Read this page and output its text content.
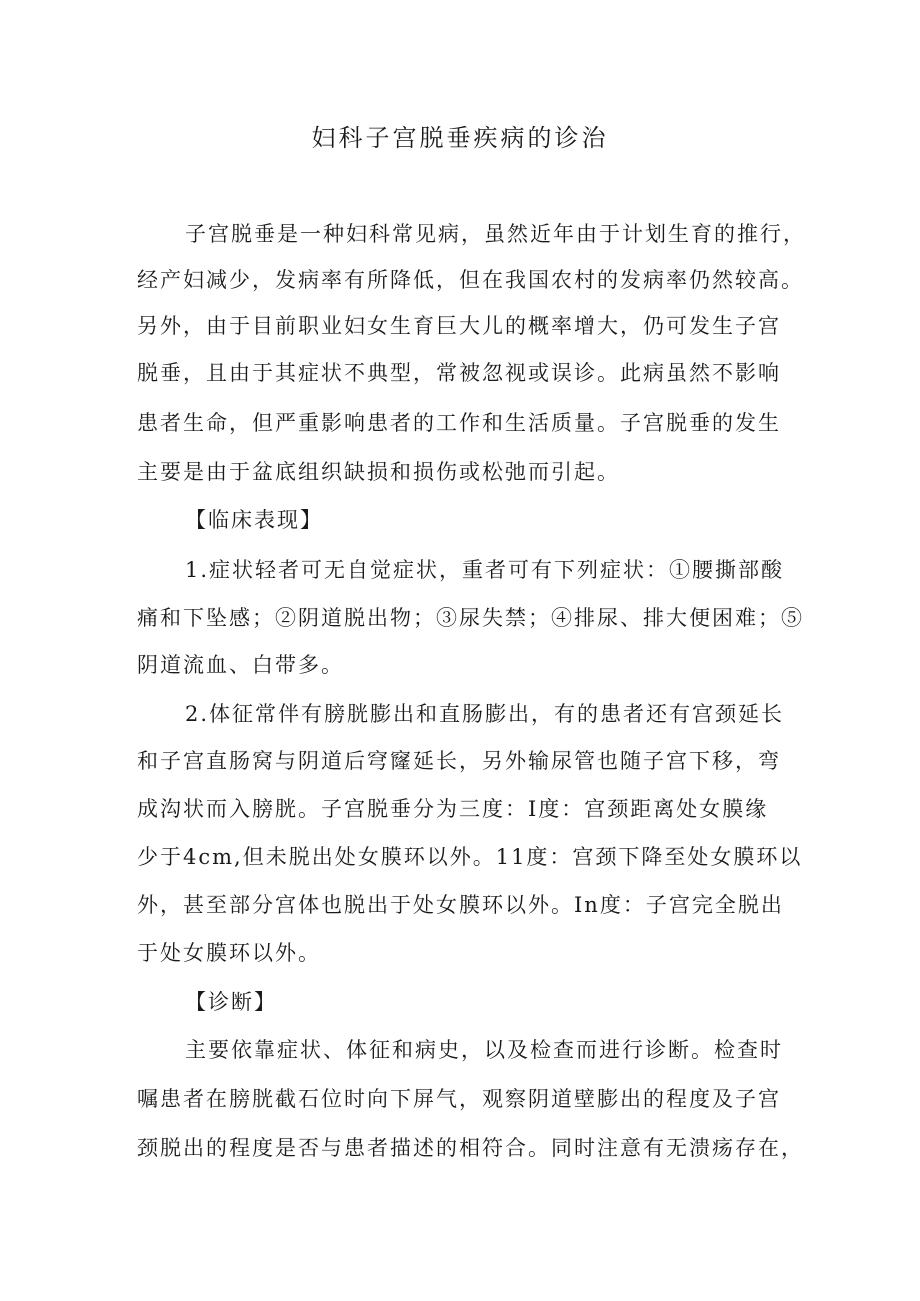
妇科子宫脱垂疾病的诊治
子宫脱垂是一种妇科常见病，虽然近年由于计划生育的推行，
经产妇减少，发病率有所降低，但在我国农村的发病率仍然较高。
另外，由于目前职业妇女生育巨大儿的概率增大，仍可发生子宫
脱垂，且由于其症状不典型，常被忽视或误诊。此病虽然不影响
患者生命，但严重影响患者的工作和生活质量。子宫脱垂的发生
主要是由于盆底组织缺损和损伤或松弛而引起。
【临床表现】
1.症状轻者可无自觉症状，重者可有下列症状：①腰撕部酸
痛和下坠感；②阴道脱出物；③尿失禁；④排尿、排大便困难；⑤
阴道流血、白带多。
2.体征常伴有膀胱膨出和直肠膨出，有的患者还有宫颈延长
和子宫直肠窝与阴道后穹窿延长，另外输尿管也随子宫下移，弯
成沟状而入膀胱。子宫脱垂分为三度：Ⅰ度：宫颈距离处女膜缘
少于4cm,但未脱出处女膜环以外。11度：宫颈下降至处女膜环以
外，甚至部分宫体也脱出于处女膜环以外。In度：子宫完全脱出
于处女膜环以外。
【诊断】
主要依靠症状、体征和病史，以及检查而进行诊断。检查时
嘱患者在膀胱截石位时向下屏气，观察阴道壁膨出的程度及子宫
颈脱出的程度是否与患者描述的相符合。同时注意有无溃疡存在，
